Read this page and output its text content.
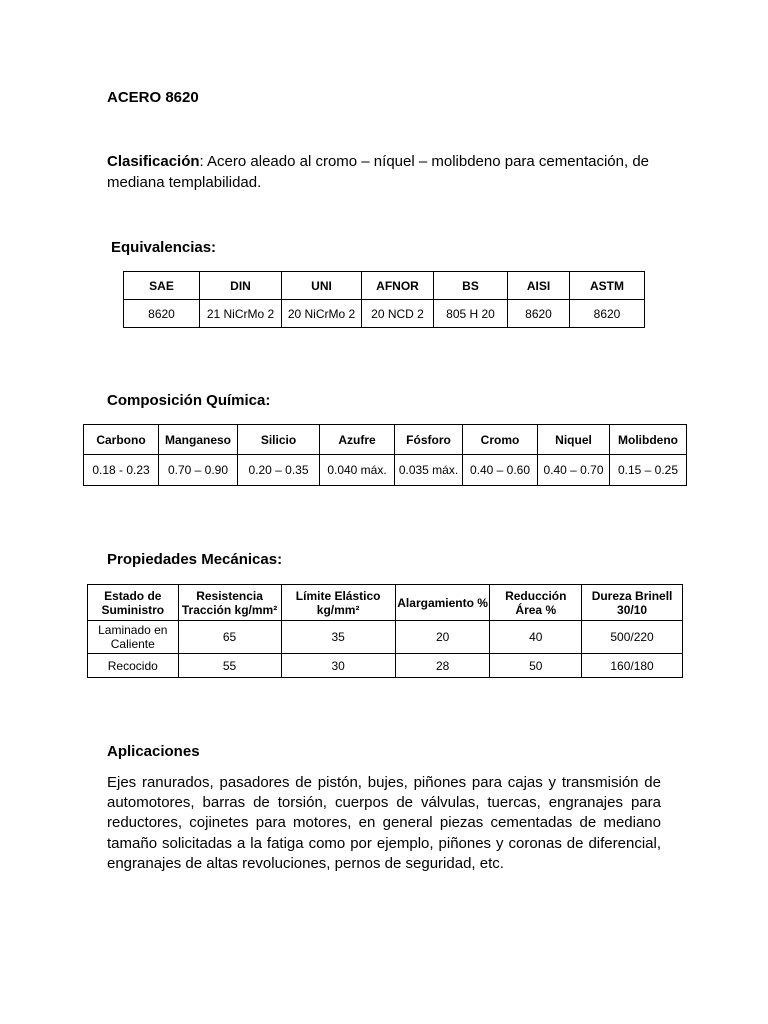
ACERO 8620

Clasificación: Acero aleado al cromo – níquel – molibdeno para cementación, de mediana templabilidad.

Equivalencias:
SAE	DIN	UNI	AFNOR	BS	AISI	ASTM
8620	21 NiCrMo 2	20 NiCrMo 2	20 NCD 2	805 H 20	8620	8620
Composición Química:
Carbono	Manganeso	Silicio	Azufre	Fósforo	Cromo	Niquel	Molibdeno
0.18 - 0.23	0.70 – 0.90	0.20 – 0.35	0.040 máx.	0.035 máx.	0.40 – 0.60	0.40 – 0.70	0.15 – 0.25
Propiedades Mecánicas:
Estado de Suministro	Resistencia Tracción kg/mm²	Límite Elástico kg/mm²	Alargamiento %	Reducción Área %	Dureza Brinell 30/10
Laminado en Caliente	65	35	20	40	500/220
Recocido	55	30	28	50	160/180
Aplicaciones

Ejes ranurados, pasadores de pistón, bujes, piñones para cajas y transmisión de automotores, barras de torsión, cuerpos de válvulas, tuercas, engranajes para reductores, cojinetes para motores, en general piezas cementadas de mediano tamaño solicitadas a la fatiga como por ejemplo, piñones y coronas de diferencial, engranajes de altas revoluciones, pernos de seguridad, etc.
